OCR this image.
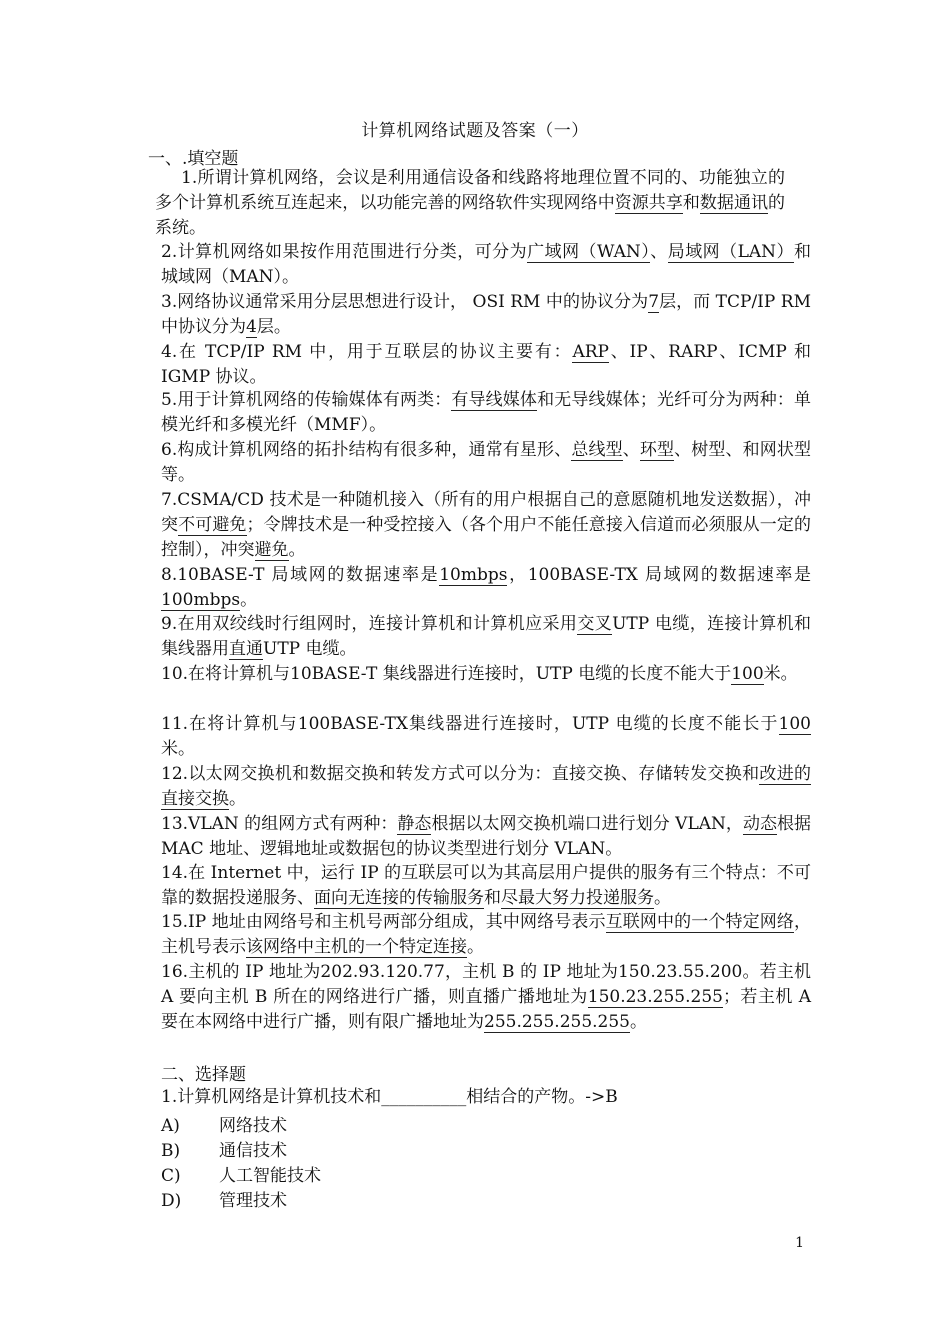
计算机网络试题及答案（一）
一、.填空题
1.所谓计算机网络，会议是利用通信设备和线路将地理位置不同的、功能独立的 多个计算机系统互连起来，以功能完善的网络软件实现网络中资源共享和数据通讯的系统。
2.计算机网络如果按作用范围进行分类，可分为广域网（WAN）、局域网（LAN）和城域网（MAN）。
3.网络协议通常采用分层思想进行设计， OSI RM 中的协议分为7层，而 TCP/IP RM 中协议分为4层。
4.在 TCP/IP RM 中，用于互联层的协议主要有：ARP、IP、RARP、ICMP 和 IGMP 协议。
5.用于计算机网络的传输媒体有两类：有导线媒体和无导线媒体；光纤可分为两种：单模光纤和多模光纤（MMF）。
6.构成计算机网络的拓扑结构有很多种，通常有星形、总线型、环型、树型、和网状型等。
7.CSMA/CD 技术是一种随机接入（所有的用户根据自己的意愿随机地发送数据），冲突不可避免；令牌技术是一种受控接入（各个用户不能任意接入信道而必须服从一定的控制），冲突避免。
8.10BASE-T 局域网的数据速率是10mbps，100BASE-TX 局域网的数据速率是100mbps。
9.在用双绞线时行组网时，连接计算机和计算机应采用交叉UTP 电缆，连接计算机和集线器用直通UTP 电缆。
10.在将计算机与10BASE-T 集线器进行连接时，UTP 电缆的长度不能大于100米。
11.在将计算机与100BASE-TX集线器进行连接时，UTP 电缆的长度不能长于100米。
12.以太网交换机和数据交换和转发方式可以分为：直接交换、存储转发交换和改进的直接交换。
13.VLAN 的组网方式有两种：静态根据以太网交换机端口进行划分 VLAN，动态根据 MAC 地址、逻辑地址或数据包的协议类型进行划分 VLAN。
14.在 Internet 中，运行 IP 的互联层可以为其高层用户提供的服务有三个特点：不可靠的数据投递服务、面向无连接的传输服务和尽最大努力投递服务。
15.IP 地址由网络号和主机号两部分组成，其中网络号表示互联网中的一个特定网络，主机号表示该网络中主机的一个特定连接。
16.主机的 IP 地址为202.93.120.77，主机 B 的 IP 地址为150.23.55.200。若主机 A 要向主机 B 所在的网络进行广播，则直播广播地址为150.23.255.255；若主机 A 要在本网络中进行广播，则有限广播地址为255.255.255.255。
二、选择题
1.计算机网络是计算机技术和__________相结合的产物。->B
A) 网络技术
B) 通信技术
C) 人工智能技术
D) 管理技术
1
